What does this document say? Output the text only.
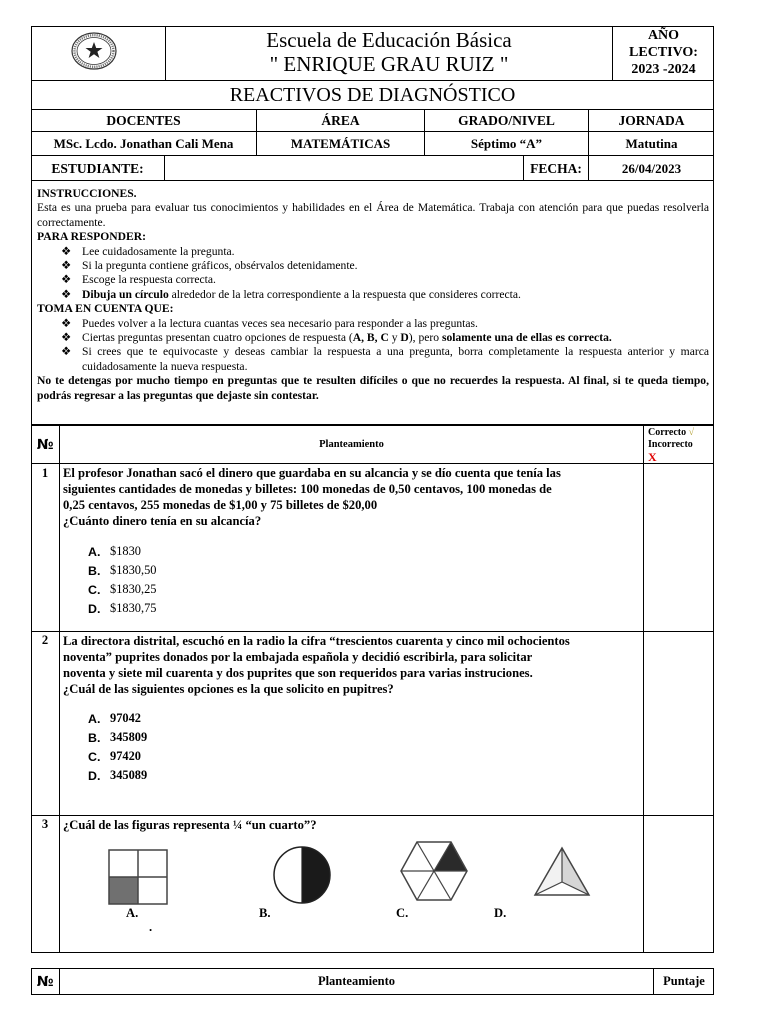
Escuela de Educación Básica
" ENRIQUE GRAU RUIZ "
AÑO
LECTIVO:
2023 -2024
REACTIVOS DE DIAGNÓSTICO
DOCENTES	ÁREA	GRADO/NIVEL	JORNADA
MSc. Lcdo. Jonathan Cali Mena	MATEMÁTICAS	Séptimo “A”	Matutina
ESTUDIANTE:	FECHA:	26/04/2023

INSTRUCCIONES.

Esta es una prueba para evaluar tus conocimientos y habilidades en el Área de Matemática. Trabaja con atención para que puedas resolverla correctamente.

PARA RESPONDER:

❖ Lee cuidadosamente la pregunta.

❖ Si la pregunta contiene gráficos, obsérvalos detenidamente.

❖ Escoge la respuesta correcta.

❖ Dibuja un círculo alrededor de la letra correspondiente a la respuesta que consideres correcta.

TOMA EN CUENTA QUE:

❖ Puedes volver a la lectura cuantas veces sea necesario para responder a las preguntas.

❖ Ciertas preguntas presentan cuatro opciones de respuesta (A, B, C y D), pero solamente una de ellas es correcta.

❖ Si crees que te equivocaste y deseas cambiar la respuesta a una pregunta, borra completamente la respuesta anterior y marca cuidadosamente la nueva respuesta.

No te detengas por mucho tiempo en preguntas que te resulten difíciles o que no recuerdes la respuesta. Al final, si te queda tiempo, podrás regresar a las preguntas que dejaste sin contestar.

№	Planteamiento
Correcto √
Incorrecto
X
1	El profesor Jonathan sacó el dinero que guardaba en su alcancia y se dío cuenta que tenía las
siguientes cantidades de monedas y billetes: 100 monedas de 0,50 centavos, 100 monedas de
0,25 centavos, 255 monedas de $1,00 y 75 billetes de $20,00
¿Cuánto dinero tenía en su alcancía?
A. $1830
B. $1830,50
C. $1830,25
D. $1830,75
2	La directora distrital, escuchó en la radio la cifra “trescientos cuarenta y cinco mil ochocientos
noventa” puprites donados por la embajada española y decidió escribirla, para solicitar
noventa y siete mil cuarenta y dos puprites que son requeridos para varias instruciones.
¿Cuál de las siguientes opciones es la que solicito en pupitres?
A. 97042
B. 345809
C. 97420
D. 345089
3	¿Cuál de las figuras representa ¼ “un cuarto”?
A.	B.	C.	D.
.
№	Planteamiento	Puntaje
